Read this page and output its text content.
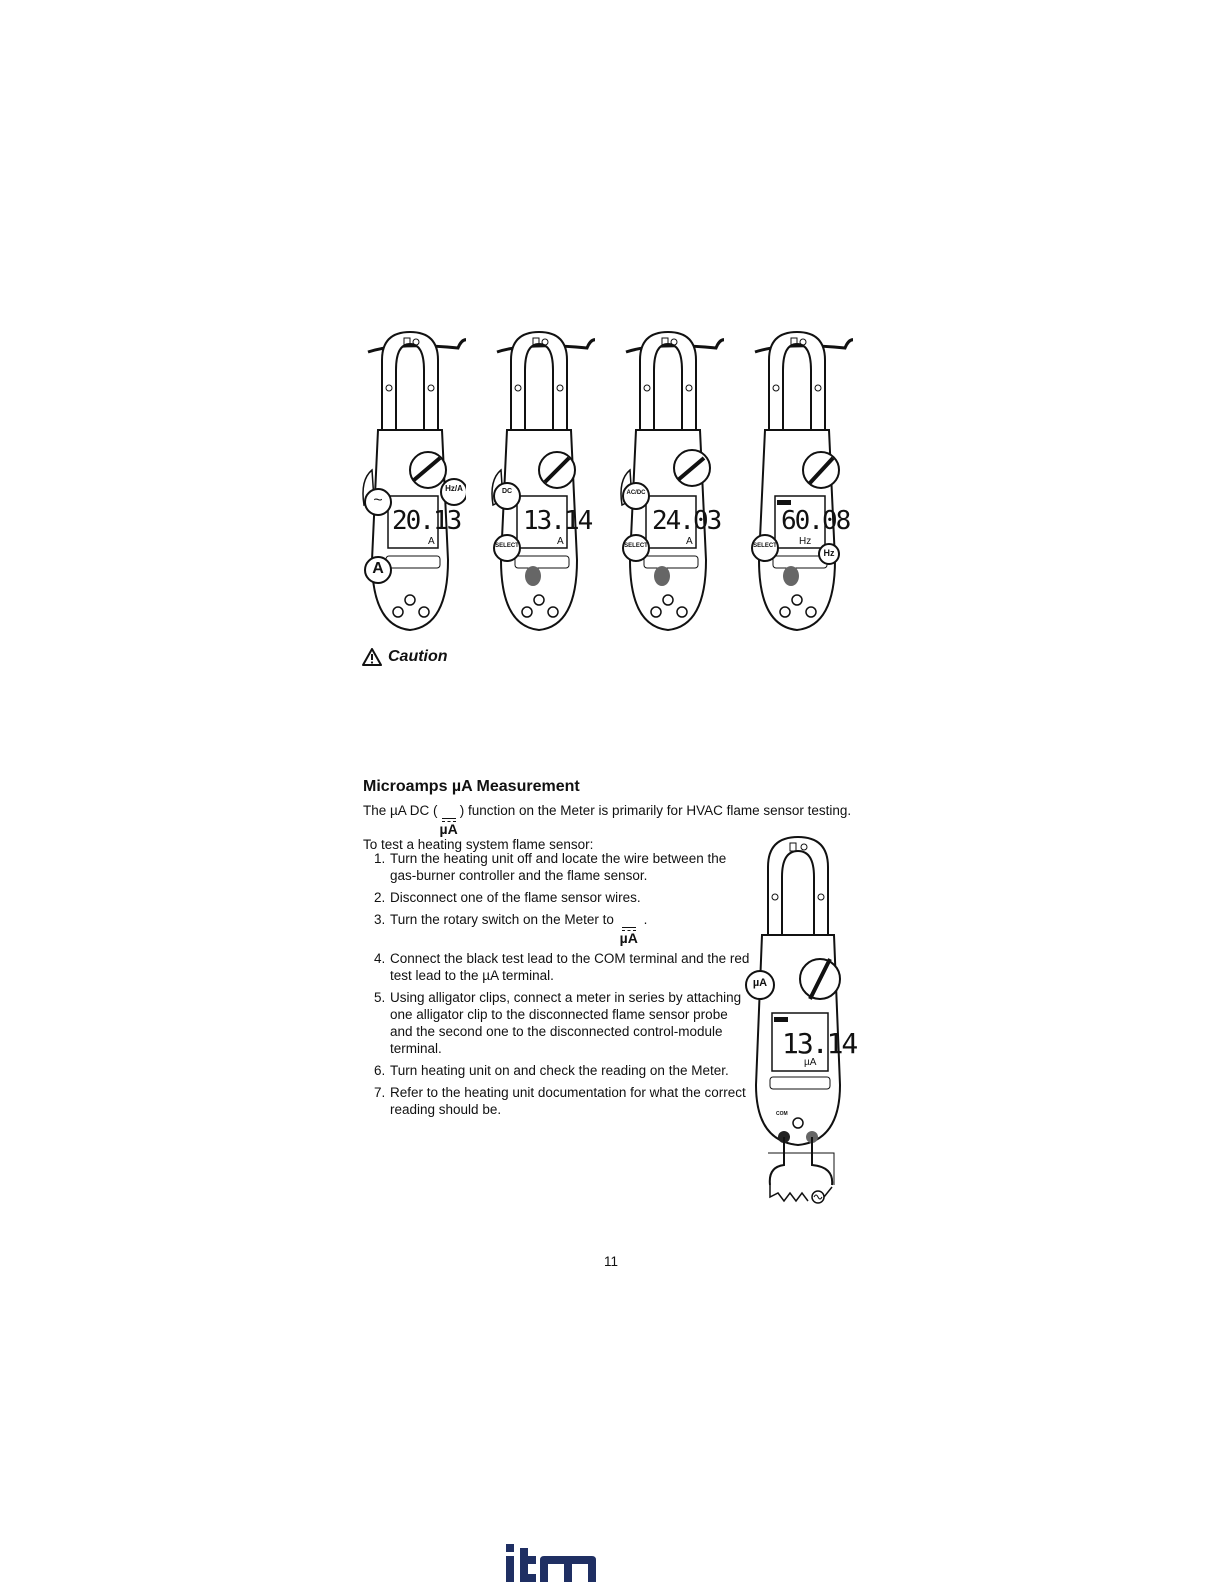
~
20.13
A
A
Hz/A	DC
13.14
A
SELECT
AC/DC
24.03
A
SELECT
60.08
Hz
SELECT
Hz
Caution
Microamps µA Measurement
The µA DC (
µA
) function on the Meter is primarily for HVAC flame sensor testing. To test a heating system flame sensor:
1. Turn the heating unit off and locate the wire between the gas-burner controller and the flame sensor.
2. Disconnect one of the flame sensor wires.
3. Turn the rotary switch on the Meter to
µA
.
4. Connect the black test lead to the COM terminal and the red test lead to the µA terminal.
5. Using alligator clips, connect a meter in series by attaching one alligator clip to the disconnected flame sensor probe and the second one to the disconnected control-module terminal.
6. Turn heating unit on and check the reading on the Meter.
7. Refer to the heating unit documentation for what the correct reading should be.
µA
13.14
µA
COM
11
